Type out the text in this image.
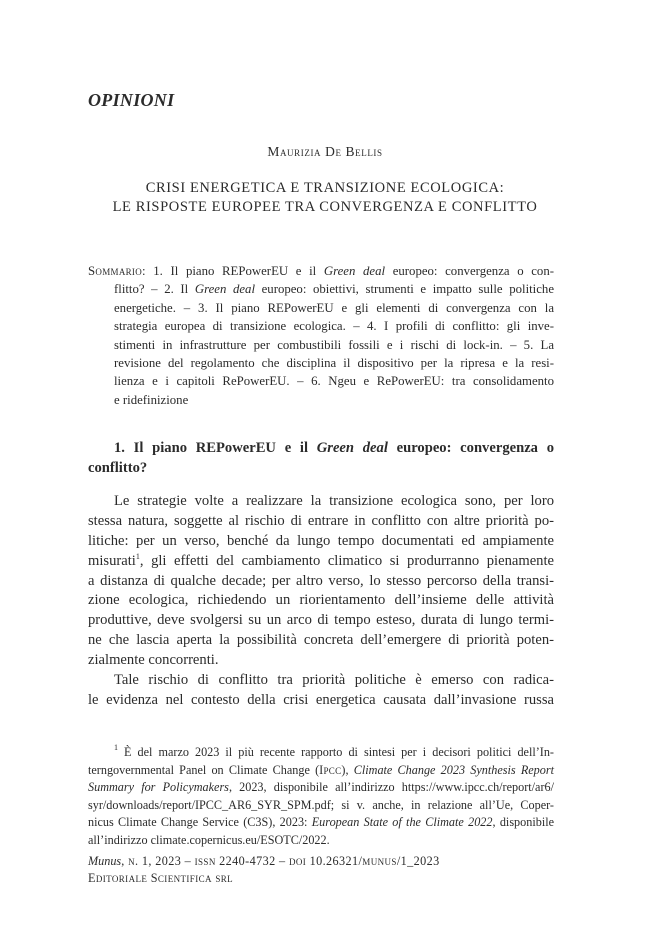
OPINIONI
Maurizia De Bellis
CRISI ENERGETICA E TRANSIZIONE ECOLOGICA:
LE RISPOSTE EUROPEE TRA CONVERGENZA E CONFLITTO
Sommario: 1. Il piano REPowerEU e il Green deal europeo: convergenza o con-
flitto? – 2. Il Green deal europeo: obiettivi, strumenti e impatto sulle politiche
energetiche. – 3. Il piano REPowerEU e gli elementi di convergenza con la
strategia europea di transizione ecologica. – 4. I profili di conflitto: gli inve-
stimenti in infrastrutture per combustibili fossili e i rischi di lock-in. – 5. La
revisione del regolamento che disciplina il dispositivo per la ripresa e la resi-
lienza e i capitoli RePowerEU. – 6. Ngeu e RePowerEU: tra consolidamento
e ridefinizione
1. Il piano REPowerEU e il Green deal europeo: convergenza o
conflitto?
Le strategie volte a realizzare la transizione ecologica sono, per loro
stessa natura, soggette al rischio di entrare in conflitto con altre priorità po-
litiche: per un verso, benché da lungo tempo documentati ed ampiamente
misurati$^1$, gli effetti del cambiamento climatico si produrranno pienamente
a distanza di qualche decade; per altro verso, lo stesso percorso della transi-
zione ecologica, richiedendo un riorientamento dell’insieme delle attività
produttive, deve svolgersi su un arco di tempo esteso, durata di lungo termi-
ne che lascia aperta la possibilità concreta dell’emergere di priorità poten-
zialmente concorrenti.
Tale rischio di conflitto tra priorità politiche è emerso con radica-
le evidenza nel contesto della crisi energetica causata dall’invasione russa
$^1$ È del marzo 2023 il più recente rapporto di sintesi per i decisori politici dell’In-
terngovernmental Panel on Climate Change (Ipcc), Climate Change 2023 Synthesis Report
Summary for Policymakers, 2023, disponibile all’indirizzo https://www.ipcc.ch/report/ar6/
syr/downloads/report/IPCC_AR6_SYR_SPM.pdf; si v. anche, in relazione all’Ue, Coper-
nicus Climate Change Service (C3S), 2023: European State of the Climate 2022, disponibile
all’indirizzo climate.copernicus.eu/ESOTC/2022.
Munus, n. 1, 2023 – issn 2240-4732 – doi 10.26321/munus/1_2023
Editoriale Scientifica srl
